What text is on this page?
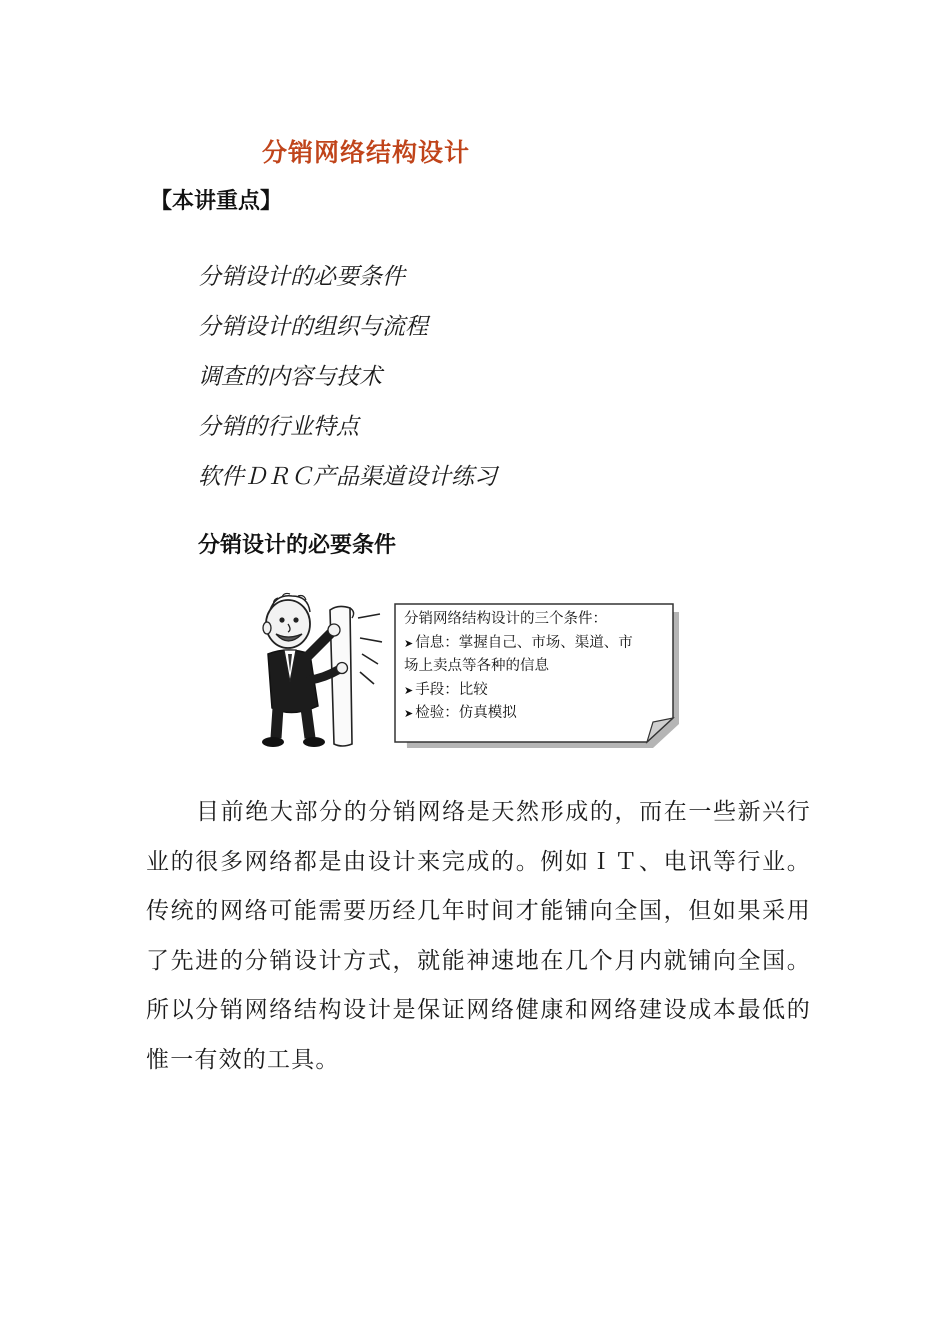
分销网络结构设计
【本讲重点】
分销设计的必要条件
分销设计的组织与流程
调查的内容与技术
分销的行业特点
软件ＤＲＣ产品渠道设计练习
分销设计的必要条件
分销网络结构设计的三个条件：
➤ 信息：掌握自己、市场、渠道、市
场上卖点等各种的信息
➤ 手段：比较
➤ 检验：仿真模拟

目前绝大部分的分销网络是天然形成的，而在一些新兴行业的很多网络都是由设计来完成的。例如ＩＴ、电讯等行业。传统的网络可能需要历经几年时间才能铺向全国，但如果采用了先进的分销设计方式，就能神速地在几个月内就铺向全国。所以分销网络结构设计是保证网络健康和网络建设成本最低的惟一有效的工具。
